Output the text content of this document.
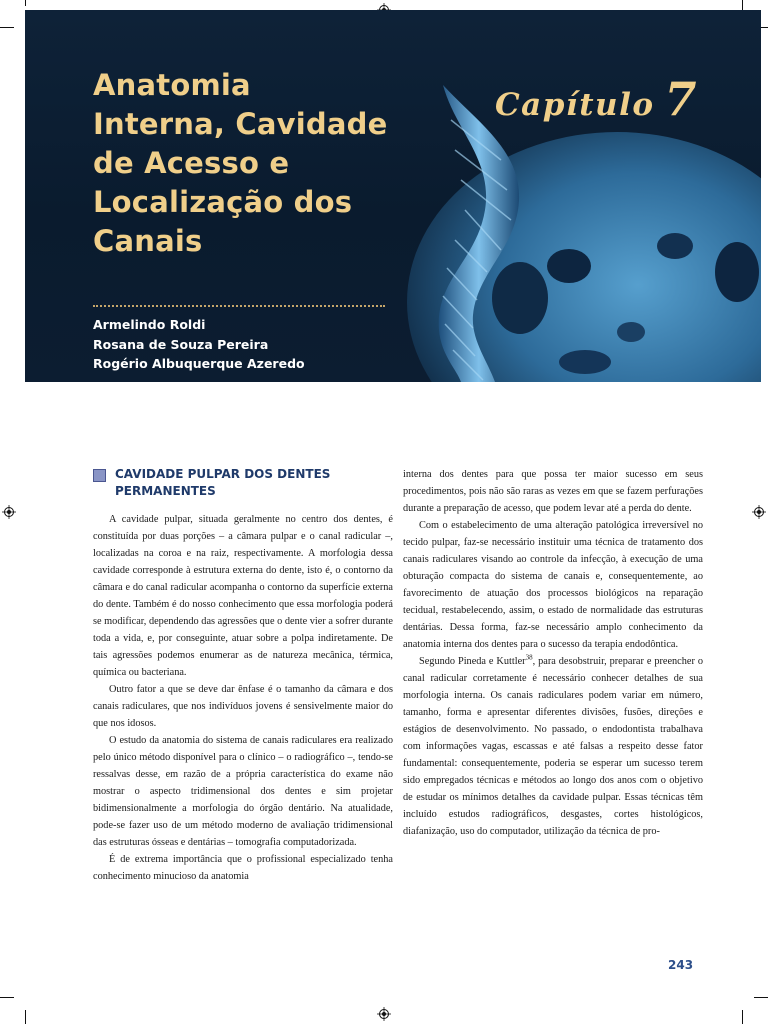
Anatomia
Interna, Cavidade
de Acesso e
Localização dos
Canais
Armelindo Roldi
Rosana de Souza Pereira
Rogério Albuquerque Azeredo
Capítulo 7
CAVIDADE PULPAR DOS DENTES PERMANENTES

A cavidade pulpar, situada geralmente no centro dos dentes, é constituída por duas porções – a câmara pulpar e o canal radicular –, localizadas na coroa e na raiz, respectivamente. A morfologia dessa cavidade corresponde à estrutura externa do dente, isto é, o contorno da câmara e do canal radicular acompanha o contorno da superfície externa do dente. Também é do nosso conhecimento que essa morfologia poderá se modificar, dependendo das agressões que o dente vier a sofrer durante toda a vida, e, por conseguinte, atuar sobre a polpa indiretamente. De tais agressões podemos enumerar as de natureza mecânica, térmica, química ou bacteriana.

Outro fator a que se deve dar ênfase é o tamanho da câmara e dos canais radiculares, que nos indivíduos jovens é sensivelmente maior do que nos idosos.

O estudo da anatomia do sistema de canais radiculares era realizado pelo único método disponível para o clínico – o radiográfico –, tendo-se ressalvas desse, em razão de a própria característica do exame não mostrar o aspecto tridimensional dos dentes e sim projetar bidimensionalmente a morfologia do órgão dentário. Na atualidade, pode-se fazer uso de um método moderno de avaliação tridimensional das estruturas ósseas e dentárias – tomografia computadorizada.

É de extrema importância que o profissional especializado tenha conhecimento minucioso da anatomia

interna dos dentes para que possa ter maior sucesso em seus procedimentos, pois não são raras as vezes em que se fazem perfurações durante a preparação de acesso, que podem levar até a perda do dente.

Com o estabelecimento de uma alteração patológica irreversível no tecido pulpar, faz-se necessário instituir uma técnica de tratamento dos canais radiculares visando ao controle da infecção, à execução de uma obturação compacta do sistema de canais e, consequentemente, ao favorecimento de atuação dos processos biológicos na reparação tecidual, restabelecendo, assim, o estado de normalidade das estruturas dentárias. Dessa forma, faz-se necessário amplo conhecimento da anatomia interna dos dentes para o sucesso da terapia endodôntica.

Segundo Pineda e Kuttler$^{38}$, para desobstruir, preparar e preencher o canal radicular corretamente é necessário conhecer detalhes de sua morfologia interna. Os canais radiculares podem variar em número, tamanho, forma e apresentar diferentes divisões, fusões, direções e estágios de desenvolvimento. No passado, o endodontista trabalhava com informações vagas, escassas e até falsas a respeito desse fator fundamental: consequentemente, poderia se esperar um sucesso terem sido empregados técnicas e métodos ao longo dos anos com o objetivo de estudar os mínimos detalhes da cavidade pulpar. Essas técnicas têm incluído estudos radiográficos, desgastes, cortes histológicos, diafanização, uso do computador, utilização da técnica de pro-

243
